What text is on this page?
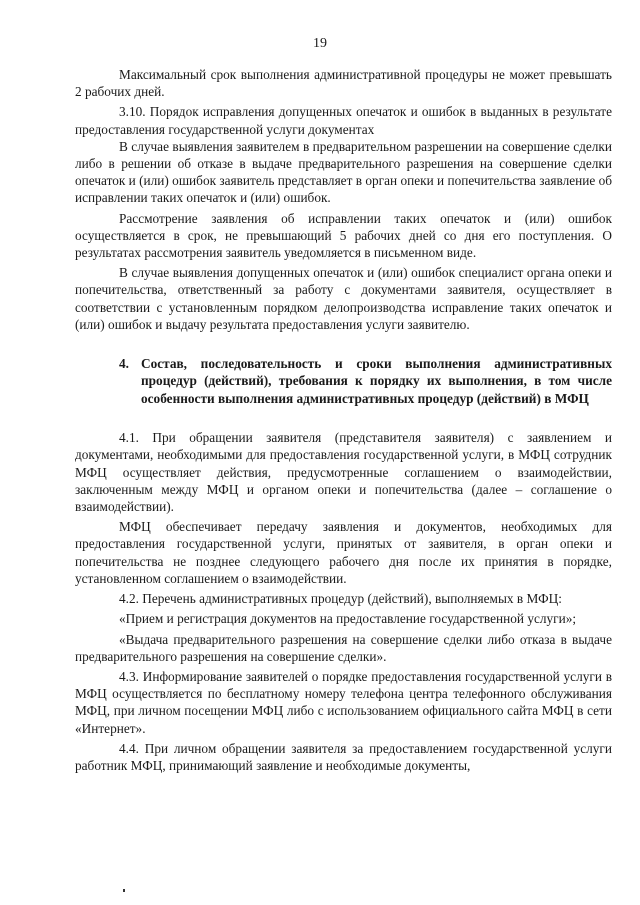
19

Максимальный срок выполнения административной процедуры не может превышать 2 рабочих дней.

3.10. Порядок исправления допущенных опечаток и ошибок в выданных в результате предоставления государственной услуги документах

В случае выявления заявителем в предварительном разрешении на совершение сделки либо в решении об отказе в выдаче предварительного разрешения на совершение сделки опечаток и (или) ошибок заявитель представляет в орган опеки и попечительства заявление об исправлении таких опечаток и (или) ошибок.

Рассмотрение заявления об исправлении таких опечаток и (или) ошибок осуществляется в срок, не превышающий 5 рабочих дней со дня его поступления. О результатах рассмотрения заявитель уведомляется в письменном виде.

В случае выявления допущенных опечаток и (или) ошибок специалист органа опеки и попечительства, ответственный за работу с документами заявителя, осуществляет в соответствии с установленным порядком делопроизводства исправление таких опечаток и (или) ошибок и выдачу результата предоставления услуги заявителю.

4. Состав, последовательность и сроки выполнения административных процедур (действий), требования к порядку их выполнения, в том числе особенности выполнения административных процедур (действий) в МФЦ

4.1. При обращении заявителя (представителя заявителя) с заявлением и документами, необходимыми для предоставления государственной услуги, в МФЦ сотрудник МФЦ осуществляет действия, предусмотренные соглашением о взаимодействии, заключенным между МФЦ и органом опеки и попечительства (далее – соглашение о взаимодействии).

МФЦ обеспечивает передачу заявления и документов, необходимых для предоставления государственной услуги, принятых от заявителя, в орган опеки и попечительства не позднее следующего рабочего дня после их принятия в порядке, установленном соглашением о взаимодействии.

4.2. Перечень административных процедур (действий), выполняемых в МФЦ:

«Прием и регистрация документов на предоставление государственной услуги»;

«Выдача предварительного разрешения на совершение сделки либо отказа в выдаче предварительного разрешения на совершение сделки».

4.3. Информирование заявителей о порядке предоставления государственной услуги в МФЦ осуществляется по бесплатному номеру телефона центра телефонного обслуживания МФЦ, при личном посещении МФЦ либо с использованием официального сайта МФЦ в сети «Интернет».

4.4. При личном обращении заявителя за предоставлением государственной услуги работник МФЦ, принимающий заявление и необходимые документы,
